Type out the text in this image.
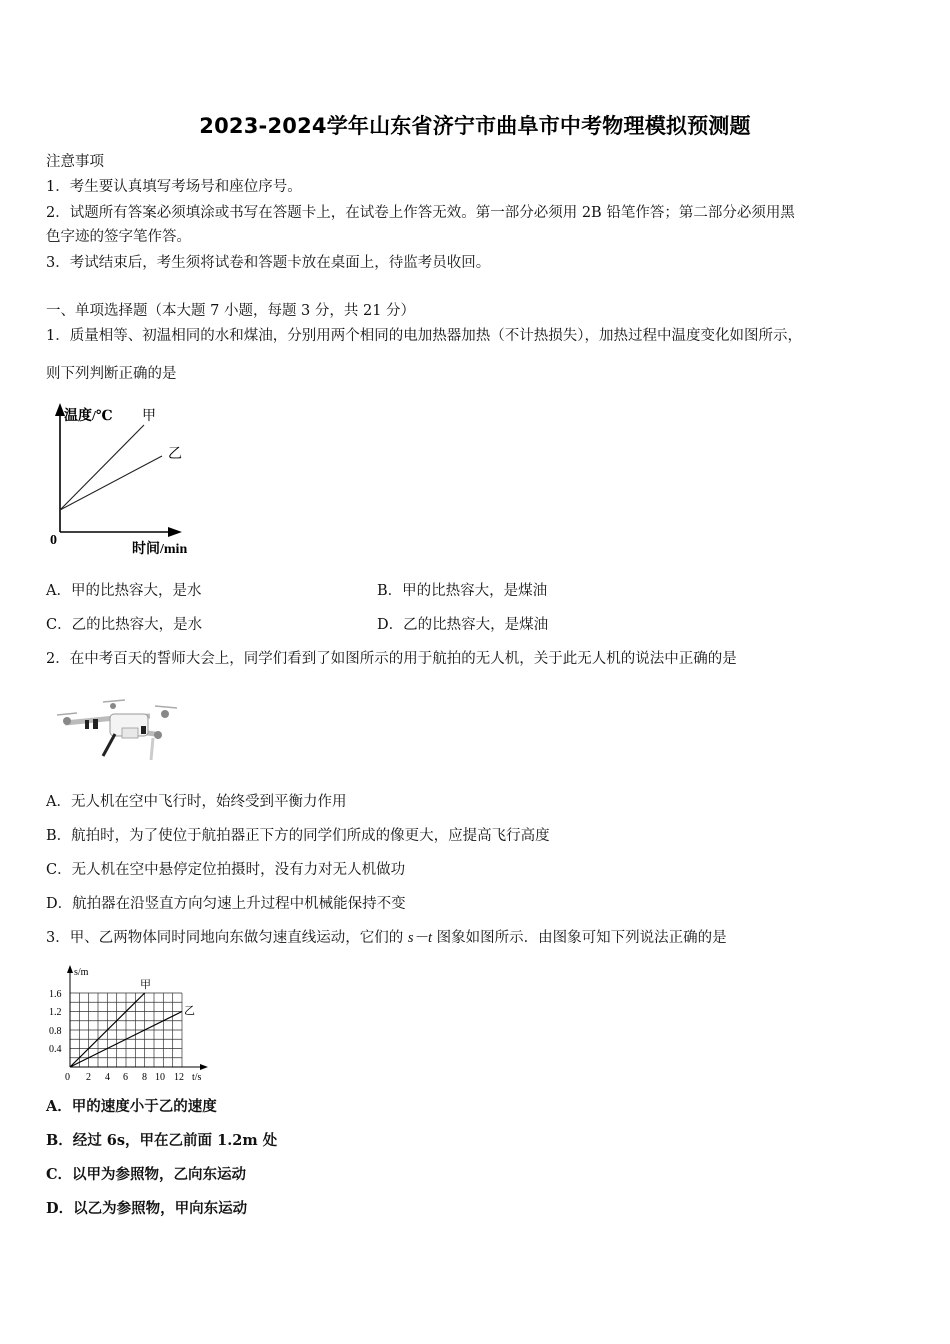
2023-2024学年山东省济宁市曲阜市中考物理模拟预测题
注意事项
1．考生要认真填写考场号和座位序号。
2．试题所有答案必须填涂或书写在答题卡上，在试卷上作答无效。第一部分必须用 2B 铅笔作答；第二部分必须用黑
色字迹的签字笔作答。
3．考试结束后，考生须将试卷和答题卡放在桌面上，待监考员收回。
一、单项选择题（本大题 7 小题，每题 3 分，共 21 分）
1．质量相等、初温相同的水和煤油，分别用两个相同的电加热器加热（不计热损失），加热过程中温度变化如图所示，
则下列判断正确的是
温度/℃ 甲
乙
0
时间/min
A．甲的比热容大，是水	B．甲的比热容大，是煤油
C．乙的比热容大，是水	D．乙的比热容大，是煤油
2．在中考百天的誓师大会上，同学们看到了如图所示的用于航拍的无人机，关于此无人机的说法中正确的是
A．无人机在空中飞行时，始终受到平衡力作用
B．航拍时，为了使位于航拍器正下方的同学们所成的像更大，应提高飞行高度
C．无人机在空中悬停定位拍摄时，没有力对无人机做功
D．航拍器在沿竖直方向匀速上升过程中机械能保持不变
3．甲、乙两物体同时同地向东做匀速直线运动，它们的 s－t 图象如图所示．由图象可知下列说法正确的是
s/m
甲
乙
1.6
1.2
0.8
0.4
0 2 4 6 8 10 12 t/s
A．甲的速度小于乙的速度
B．经过 6s，甲在乙前面 1.2m 处
C．以甲为参照物，乙向东运动
D．以乙为参照物，甲向东运动
